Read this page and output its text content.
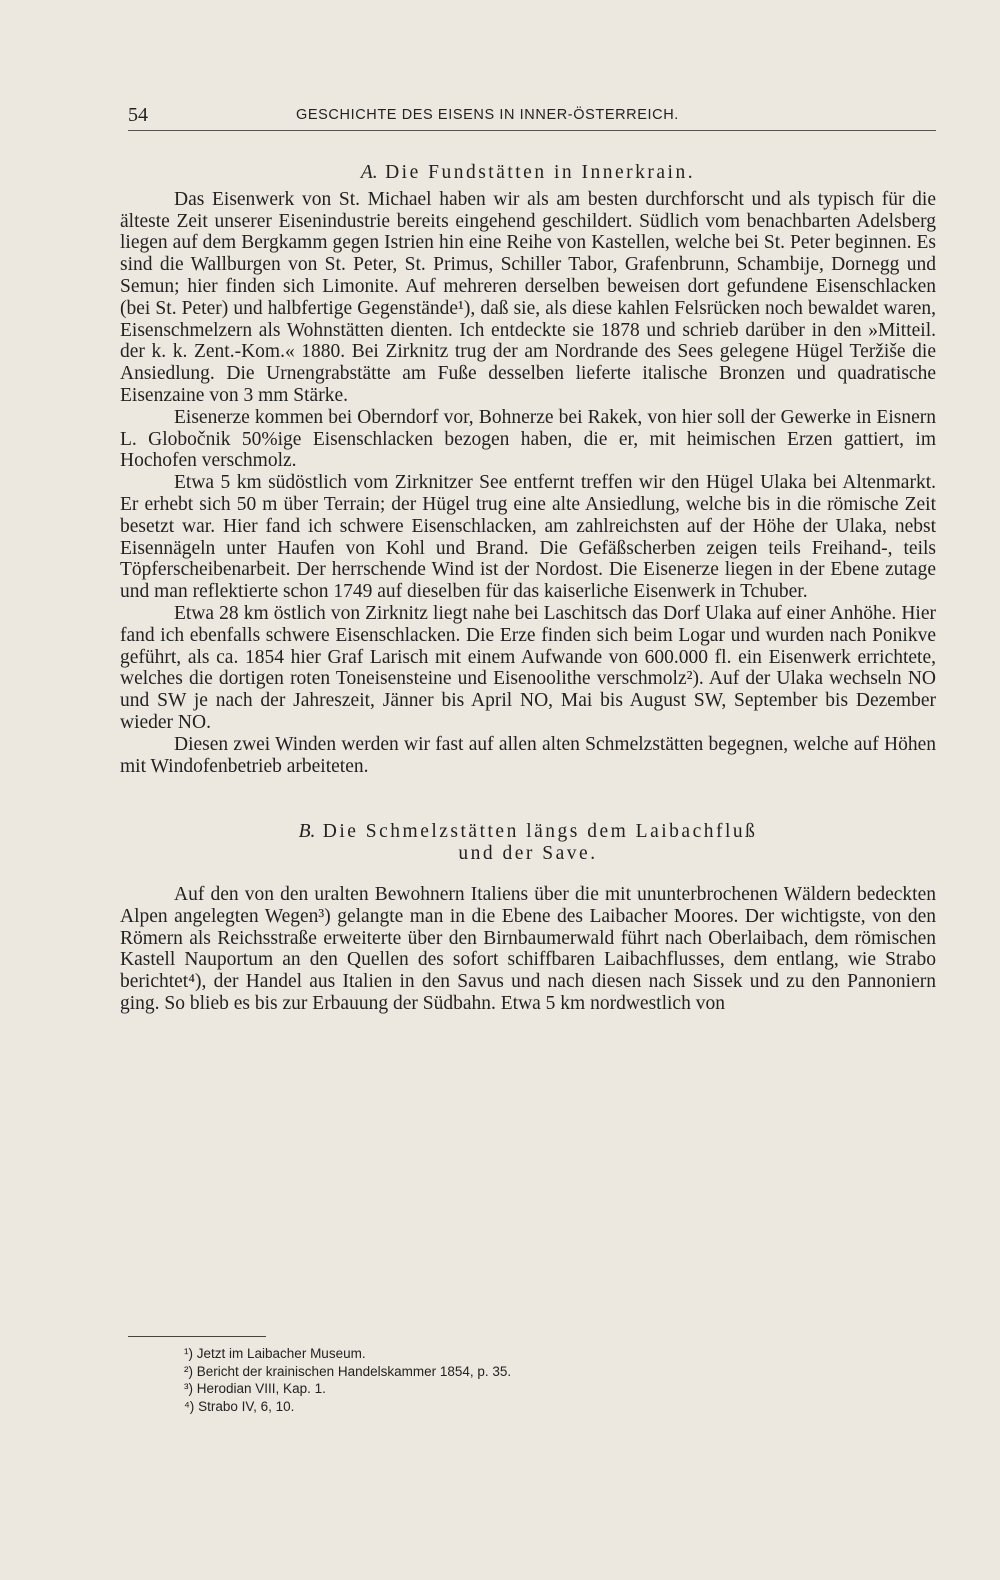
54	GESCHICHTE DES EISENS IN INNER-ÖSTERREICH.
A. Die Fundstätten in Innerkrain.

Das Eisenwerk von St. Michael haben wir als am besten durchforscht und als typisch für die älteste Zeit unserer Eisenindustrie bereits eingehend geschildert. Südlich vom benachbarten Adelsberg liegen auf dem Bergkamm gegen Istrien hin eine Reihe von Kastellen, welche bei St. Peter beginnen. Es sind die Wallburgen von St. Peter, St. Primus, Schiller Tabor, Grafenbrunn, Schambije, Dornegg und Semun; hier finden sich Limonite. Auf mehreren derselben beweisen dort gefundene Eisenschlacken (bei St. Peter) und halbfertige Gegenstände¹), daß sie, als diese kahlen Felsrücken noch bewaldet waren, Eisenschmelzern als Wohnstätten dienten. Ich entdeckte sie 1878 und schrieb darüber in den »Mitteil. der k. k. Zent.-Kom.« 1880. Bei Zirknitz trug der am Nordrande des Sees gelegene Hügel Teržiše die Ansiedlung. Die Urnengrabstätte am Fuße desselben lieferte italische Bronzen und quadratische Eisenzaine von 3 mm Stärke.

Eisenerze kommen bei Oberndorf vor, Bohnerze bei Rakek, von hier soll der Gewerke in Eisnern L. Globočnik 50%ige Eisenschlacken bezogen haben, die er, mit heimischen Erzen gattiert, im Hochofen verschmolz.

Etwa 5 km südöstlich vom Zirknitzer See entfernt treffen wir den Hügel Ulaka bei Altenmarkt. Er erhebt sich 50 m über Terrain; der Hügel trug eine alte Ansiedlung, welche bis in die römische Zeit besetzt war. Hier fand ich schwere Eisenschlacken, am zahlreichsten auf der Höhe der Ulaka, nebst Eisennägeln unter Haufen von Kohl und Brand. Die Gefäßscherben zeigen teils Freihand-, teils Töpferscheibenarbeit. Der herrschende Wind ist der Nordost. Die Eisenerze liegen in der Ebene zutage und man reflektierte schon 1749 auf dieselben für das kaiserliche Eisenwerk in Tchuber.

Etwa 28 km östlich von Zirknitz liegt nahe bei Laschitsch das Dorf Ulaka auf einer Anhöhe. Hier fand ich ebenfalls schwere Eisenschlacken. Die Erze finden sich beim Logar und wurden nach Ponikve geführt, als ca. 1854 hier Graf Larisch mit einem Aufwande von 600.000 fl. ein Eisenwerk errichtete, welches die dortigen roten Toneisensteine und Eisenoolithe verschmolz²). Auf der Ulaka wechseln NO und SW je nach der Jahreszeit, Jänner bis April NO, Mai bis August SW, September bis Dezember wieder NO.

Diesen zwei Winden werden wir fast auf allen alten Schmelzstätten begegnen, welche auf Höhen mit Windofenbetrieb arbeiteten.

B. Die Schmelzstätten längs dem Laibachfluß
und der Save.

Auf den von den uralten Bewohnern Italiens über die mit ununterbrochenen Wäldern bedeckten Alpen angelegten Wegen³) gelangte man in die Ebene des Laibacher Moores. Der wichtigste, von den Römern als Reichsstraße erweiterte über den Birnbaumerwald führt nach Oberlaibach, dem römischen Kastell Nauportum an den Quellen des sofort schiffbaren Laibachflusses, dem entlang, wie Strabo berichtet⁴), der Handel aus Italien in den Savus und nach diesen nach Sissek und zu den Pannoniern ging. So blieb es bis zur Erbauung der Südbahn. Etwa 5 km nordwestlich von

¹) Jetzt im Laibacher Museum.
²) Bericht der krainischen Handelskammer 1854, p. 35.
³) Herodian VIII, Kap. 1.
⁴) Strabo IV, 6, 10.
